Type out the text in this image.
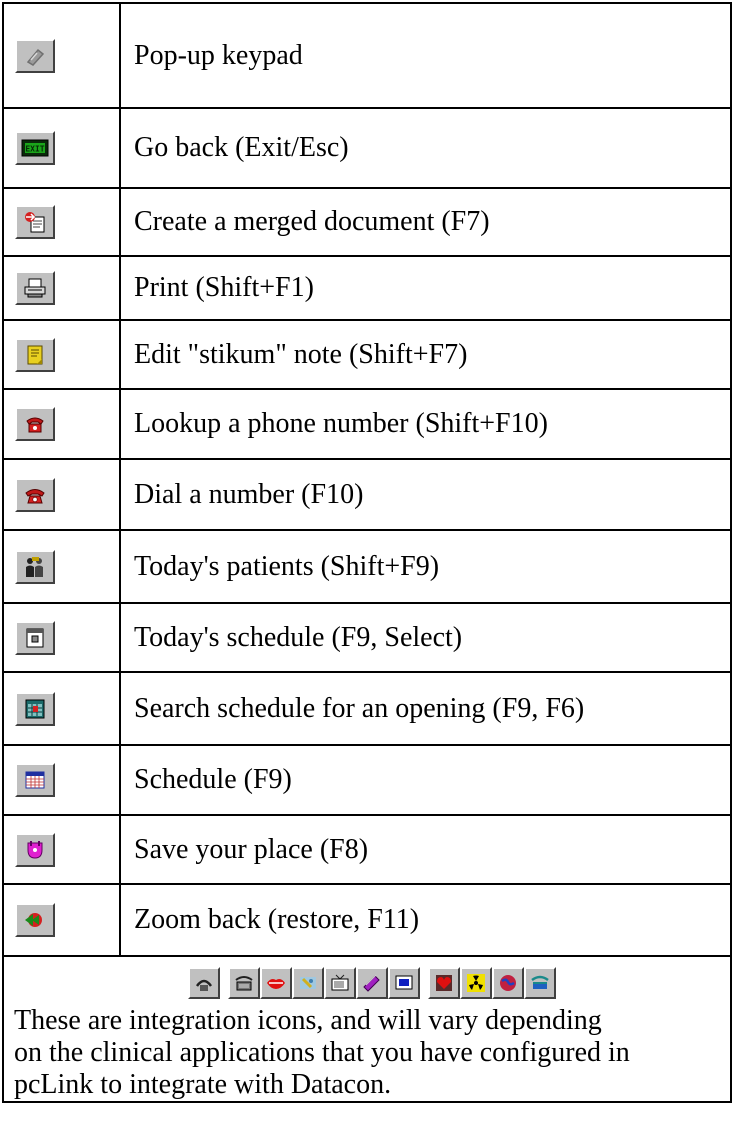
	Pop-up keypad

EXIT	Go back (Exit/Esc)

	Create a merged document (F7)

	Print (Shift+F1)

	Edit "stikum" note (Shift+F7)

	Lookup a phone number (Shift+F10)

	Dial a number (F10)

	Today's patients (Shift+F9)

	Today's schedule (F9, Select)

	Search schedule for an opening (F9, F6)

	Schedule (F9)

	Save your place (F8)

	Zoom back (restore, F11)

These are integration icons, and will vary depending
on the clinical applications that you have configured in
pcLink to integrate with Datacon.	
